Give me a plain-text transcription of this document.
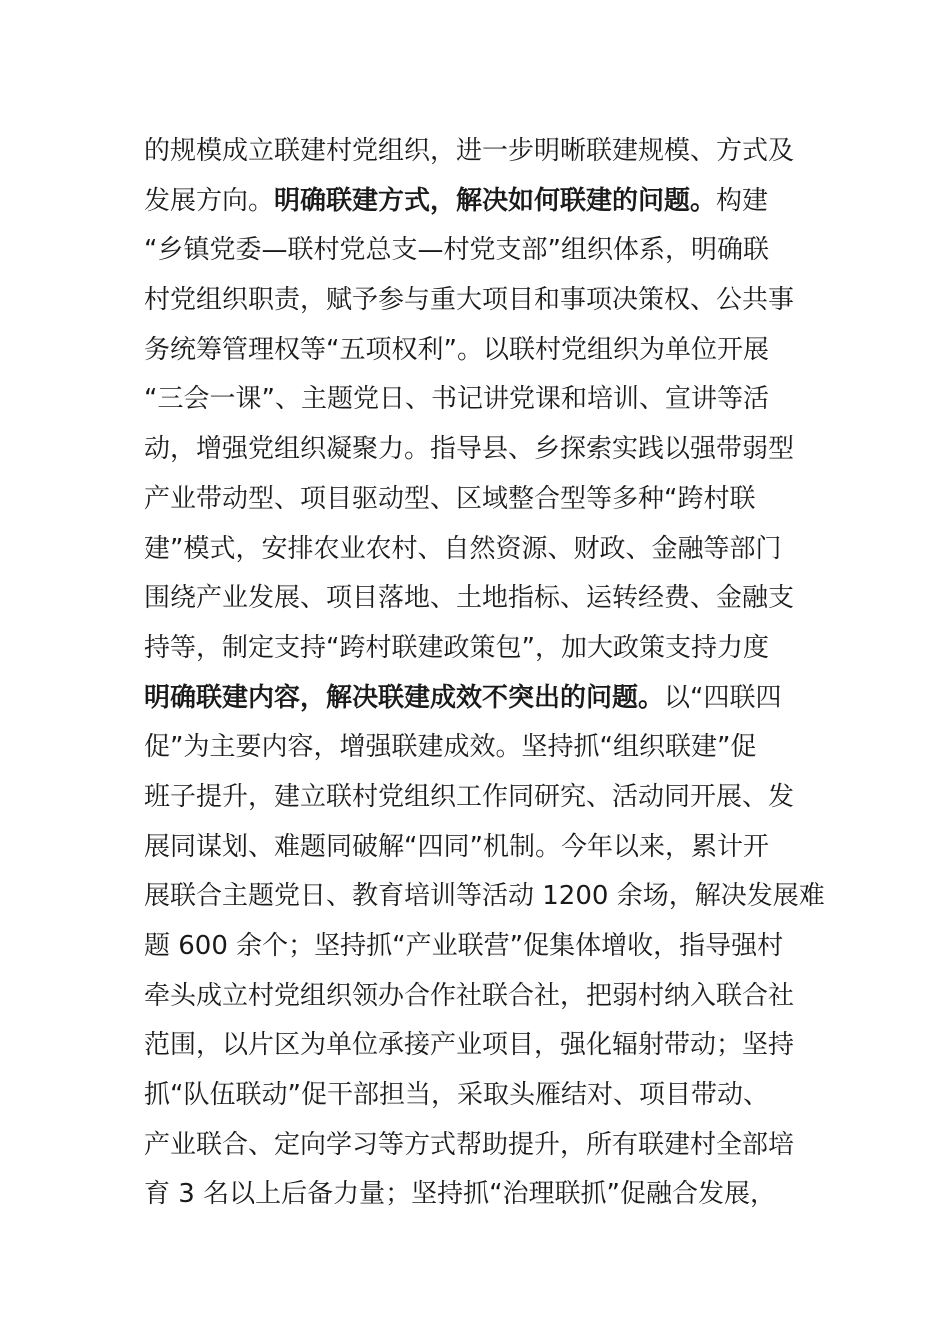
的规模成立联建村党组织，进一步明晰联建规模、方式及
发展方向。明确联建方式，解决如何联建的问题。构建
“乡镇党委—联村党总支—村党支部”组织体系，明确联
村党组织职责，赋予参与重大项目和事项决策权、公共事
务统筹管理权等“五项权利”。以联村党组织为单位开展
“三会一课”、主题党日、书记讲党课和培训、宣讲等活
动，增强党组织凝聚力。指导县、乡探索实践以强带弱型
产业带动型、项目驱动型、区域整合型等多种“跨村联
建”模式，安排农业农村、自然资源、财政、金融等部门
围绕产业发展、项目落地、土地指标、运转经费、金融支
持等，制定支持“跨村联建政策包”，加大政策支持力度
明确联建内容，解决联建成效不突出的问题。以“四联四
促”为主要内容，增强联建成效。坚持抓“组织联建”促
班子提升，建立联村党组织工作同研究、活动同开展、发
展同谋划、难题同破解“四同”机制。今年以来，累计开
展联合主题党日、教育培训等活动 1200 余场，解决发展难
题 600 余个；坚持抓“产业联营”促集体增收，指导强村
牵头成立村党组织领办合作社联合社，把弱村纳入联合社
范围，以片区为单位承接产业项目，强化辐射带动；坚持
抓“队伍联动”促干部担当，采取头雁结对、项目带动、
产业联合、定向学习等方式帮助提升，所有联建村全部培
育 3 名以上后备力量；坚持抓“治理联抓”促融合发展，
